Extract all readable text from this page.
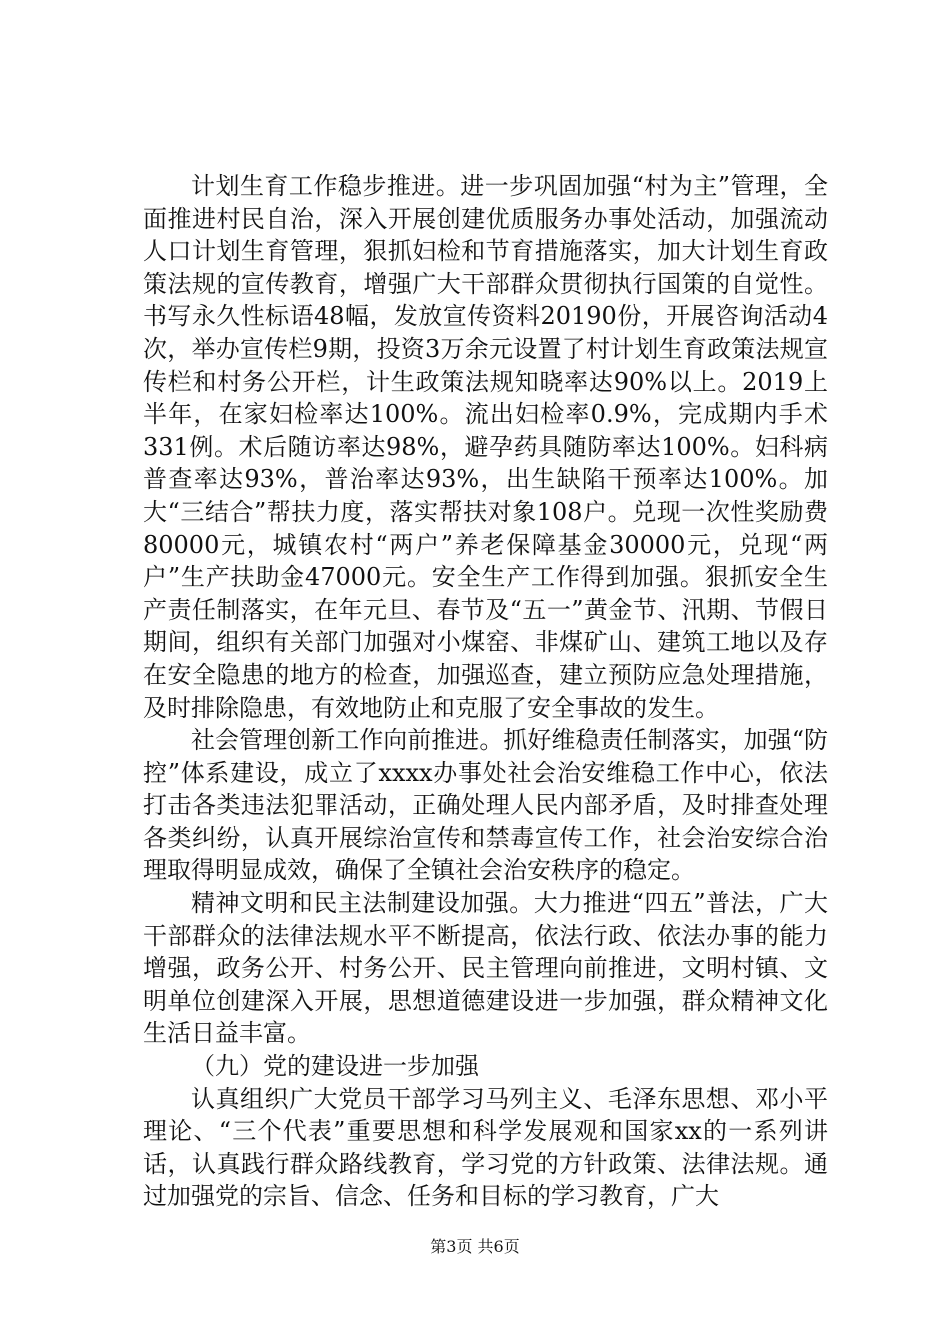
计划生育工作稳步推进。进一步巩固加强“村为主”管理，全面推进村民自治，深入开展创建优质服务办事处活动，加强流动人口计划生育管理，狠抓妇检和节育措施落实，加大计划生育政策法规的宣传教育，增强广大干部群众贯彻执行国策的自觉性。书写永久性标语48幅，发放宣传资料20190份，开展咨询活动4次，举办宣传栏9期，投资3万余元设置了村计划生育政策法规宣传栏和村务公开栏，计生政策法规知晓率达90%以上。2019上半年，在家妇检率达100%。流出妇检率0.9%，完成期内手术331例。术后随访率达98%，避孕药具随防率达100%。妇科病普查率达93%，普治率达93%，出生缺陷干预率达100%。加大“三结合”帮扶力度，落实帮扶对象108户。兑现一次性奖励费80000元，城镇农村“两户”养老保障基金30000元，兑现“两户”生产扶助金47000元。安全生产工作得到加强。狠抓安全生产责任制落实，在年元旦、春节及“五一”黄金节、汛期、节假日期间，组织有关部门加强对小煤窑、非煤矿山、建筑工地以及存在安全隐患的地方的检查，加强巡查，建立预防应急处理措施，及时排除隐患，有效地防止和克服了安全事故的发生。

社会管理创新工作向前推进。抓好维稳责任制落实，加强“防控”体系建设，成立了xxxx办事处社会治安维稳工作中心，依法打击各类违法犯罪活动，正确处理人民内部矛盾，及时排查处理各类纠纷，认真开展综治宣传和禁毒宣传工作，社会治安综合治理取得明显成效，确保了全镇社会治安秩序的稳定。

精神文明和民主法制建设加强。大力推进“四五”普法，广大干部群众的法律法规水平不断提高，依法行政、依法办事的能力增强，政务公开、村务公开、民主管理向前推进，文明村镇、文明单位创建深入开展，思想道德建设进一步加强，群众精神文化生活日益丰富。

（九）党的建设进一步加强

认真组织广大党员干部学习马列主义、毛泽东思想、邓小平理论、“三个代表”重要思想和科学发展观和国家xx的一系列讲话，认真践行群众路线教育，学习党的方针政策、法律法规。通过加强党的宗旨、信念、任务和目标的学习教育，广大

第3页 共6页
